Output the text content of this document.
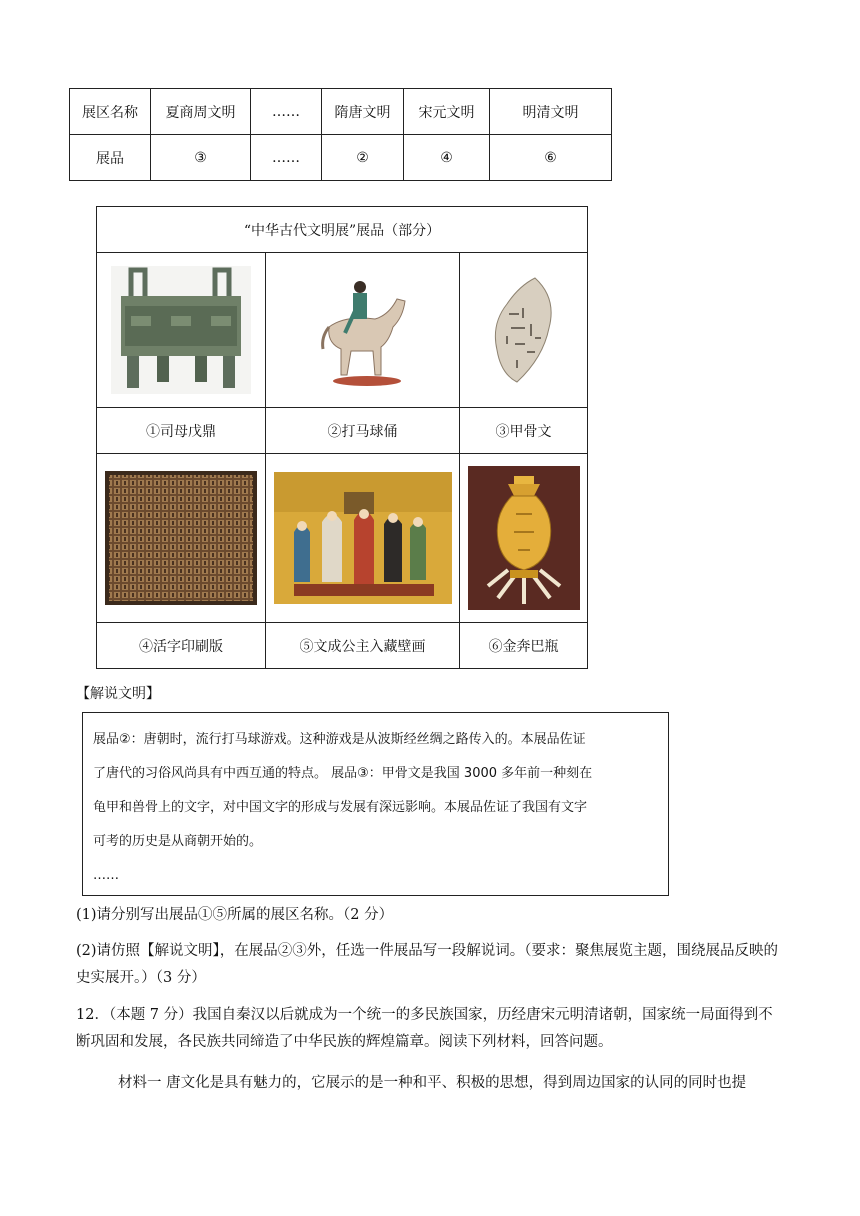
展区名称	夏商周文明	……	隋唐文明	宋元文明	明清文明
展品	③	……	②	④	⑥
“中华古代文明展”展品（部分）		

①司母戊鼎	②打马球俑	③甲骨文

④活字印刷版	⑤文成公主入藏壁画	⑥金奔巴瓶
【解说文明】

展品②：唐朝时，流行打马球游戏。这种游戏是从波斯经丝绸之路传入的。本展品佐证

了唐代的习俗风尚具有中西互通的特点。 展品③：甲骨文是我国 3000 多年前一种刻在

龟甲和兽骨上的文字，对中国文字的形成与发展有深远影响。本展品佐证了我国有文字

可考的历史是从商朝开始的。

……

(1)请分别写出展品①⑤所属的展区名称。（2 分）
(2)请仿照【解说文明】，在展品②③外，任选一件展品写一段解说词。（要求：聚焦展览主题，围绕展品反映的史实展开。）（3 分）
12．（本题 7 分）我国自秦汉以后就成为一个统一的多民族国家，历经唐宋元明清诸朝，国家统一局面得到不断巩固和发展，各民族共同缔造了中华民族的辉煌篇章。阅读下列材料，回答问题。
材料一 唐文化是具有魅力的，它展示的是一种和平、积极的思想，得到周边国家的认同的同时也提
